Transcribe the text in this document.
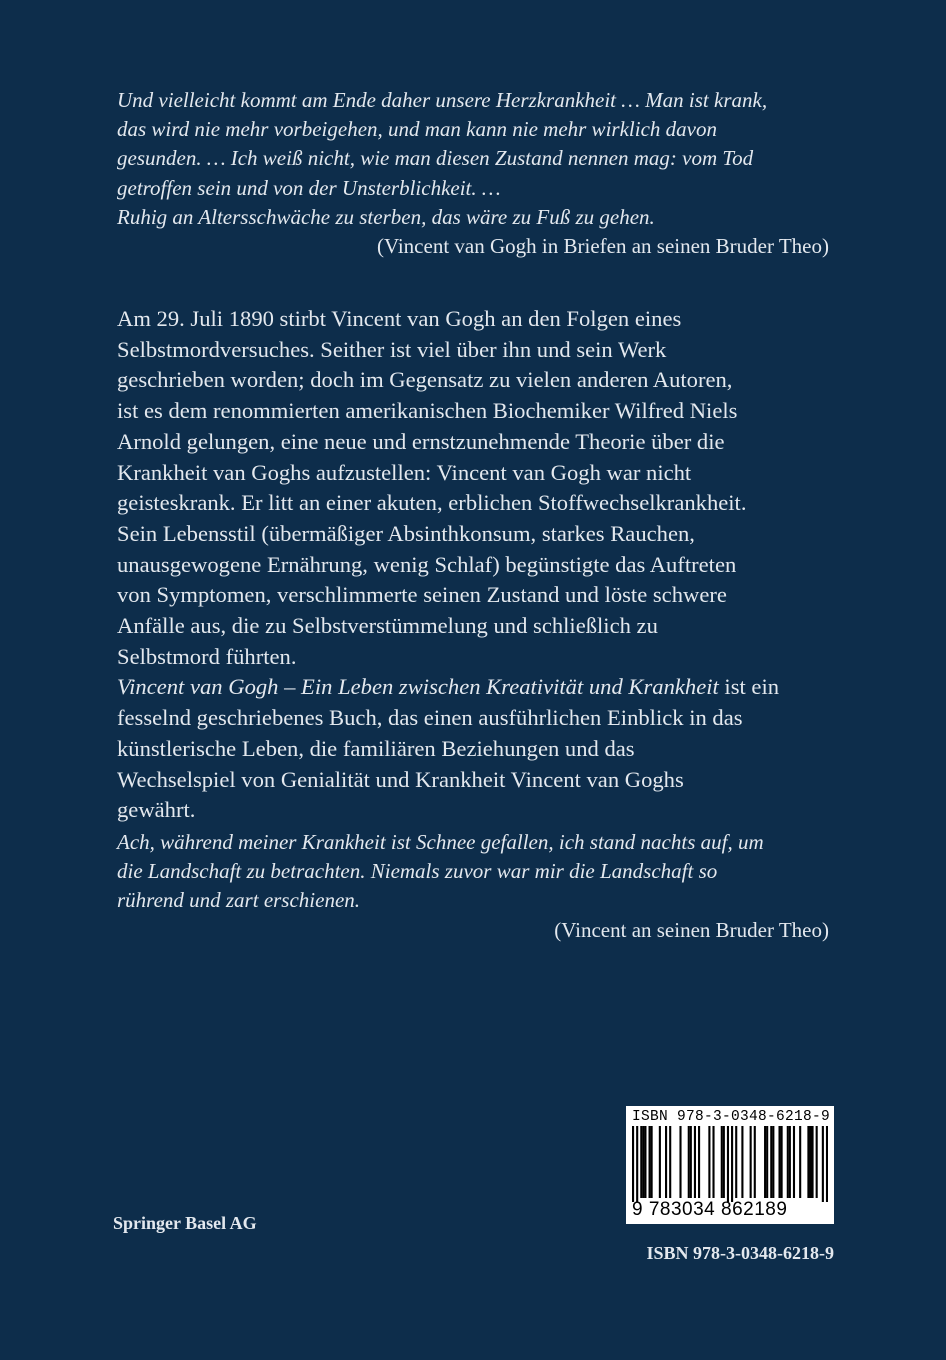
Und vielleicht kommt am Ende daher unsere Herzkrankheit … Man ist krank,

das wird nie mehr vorbeigehen, und man kann nie mehr wirklich davon

gesunden. … Ich weiß nicht, wie man diesen Zustand nennen mag: vom Tod

getroffen sein und von der Unsterblichkeit. …

Ruhig an Altersschwäche zu sterben, das wäre zu Fuß zu gehen.

(Vincent van Gogh in Briefen an seinen Bruder Theo)

Am 29. Juli 1890 stirbt Vincent van Gogh an den Folgen eines

Selbstmordversuches. Seither ist viel über ihn und sein Werk

geschrieben worden; doch im Gegensatz zu vielen anderen Autoren,

ist es dem renommierten amerikanischen Biochemiker Wilfred Niels

Arnold gelungen, eine neue und ernstzunehmende Theorie über die

Krankheit van Goghs aufzustellen: Vincent van Gogh war nicht

geisteskrank. Er litt an einer akuten, erblichen Stoffwechselkrankheit.

Sein Lebensstil (übermäßiger Absinthkonsum, starkes Rauchen,

unausgewogene Ernährung, wenig Schlaf) begünstigte das Auftreten

von Symptomen, verschlimmerte seinen Zustand und löste schwere

Anfälle aus, die zu Selbstverstümmelung und schließlich zu

Selbstmord führten.

Vincent van Gogh – Ein Leben zwischen Kreativität und Krankheit ist ein

fesselnd geschriebenes Buch, das einen ausführlichen Einblick in das

künstlerische Leben, die familiären Beziehungen und das

Wechselspiel von Genialität und Krankheit Vincent van Goghs

gewährt.

Ach, während meiner Krankheit ist Schnee gefallen, ich stand nachts auf, um

die Landschaft zu betrachten. Niemals zuvor war mir die Landschaft so

rührend und zart erschienen.

(Vincent an seinen Bruder Theo)

ISBN 978-3-0348-6218-9
9 783034 862189
Springer Basel AG
ISBN 978-3-0348-6218-9
